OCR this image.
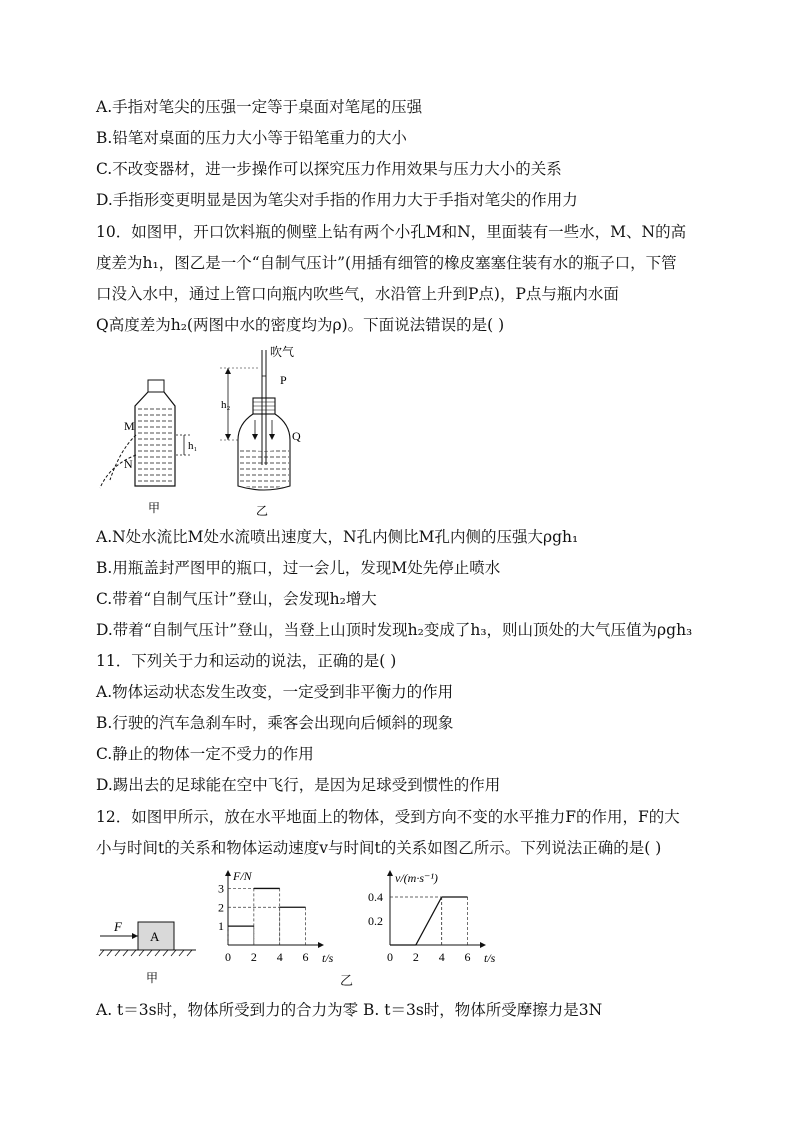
A.手指对笔尖的压强一定等于桌面对笔尾的压强
B.铅笔对桌面的压力大小等于铅笔重力的大小
C.不改变器材，进一步操作可以探究压力作用效果与压力大小的关系
D.手指形变更明显是因为笔尖对手指的作用力大于手指对笔尖的作用力
10．如图甲，开口饮料瓶的侧壁上钻有两个小孔M和N，里面装有一些水，M、N的高
度差为h₁，图乙是一个“自制气压计”(用插有细管的橡皮塞塞住装有水的瓶子口，下管
口没入水中，通过上管口向瓶内吹些气，水沿管上升到P点)，P点与瓶内水面
Q高度差为h₂(两图中水的密度均为ρ)。下面说法错误的是( )
M
N
h₁
甲
吹气
P
h₂
Q
乙
A.N处水流比M处水流喷出速度大，N孔内侧比M孔内侧的压强大ρgh₁
B.用瓶盖封严图甲的瓶口，过一会儿，发现M处先停止喷水
C.带着“自制气压计”登山，会发现h₂增大
D.带着“自制气压计”登山，当登上山顶时发现h₂变成了h₃，则山顶处的大气压值为ρgh₃
11．下列关于力和运动的说法，正确的是( )
A.物体运动状态发生改变，一定受到非平衡力的作用
B.行驶的汽车急刹车时，乘客会出现向后倾斜的现象
C.静止的物体一定不受力的作用
D.踢出去的足球能在空中飞行，是因为足球受到惯性的作用
12．如图甲所示，放在水平地面上的物体，受到方向不变的水平推力F的作用，F的大
小与时间t的关系和物体运动速度v与时间t的关系如图乙所示。下列说法正确的是( )
F
A
甲
F/N
t/s
0 2 4 6
1
2
3
v/(m·s⁻¹)
t/s
0 2 4 6
0.2
0.4
乙
A. t＝3s时，物体所受到力的合力为零 B. t＝3s时，物体所受摩擦力是3N
